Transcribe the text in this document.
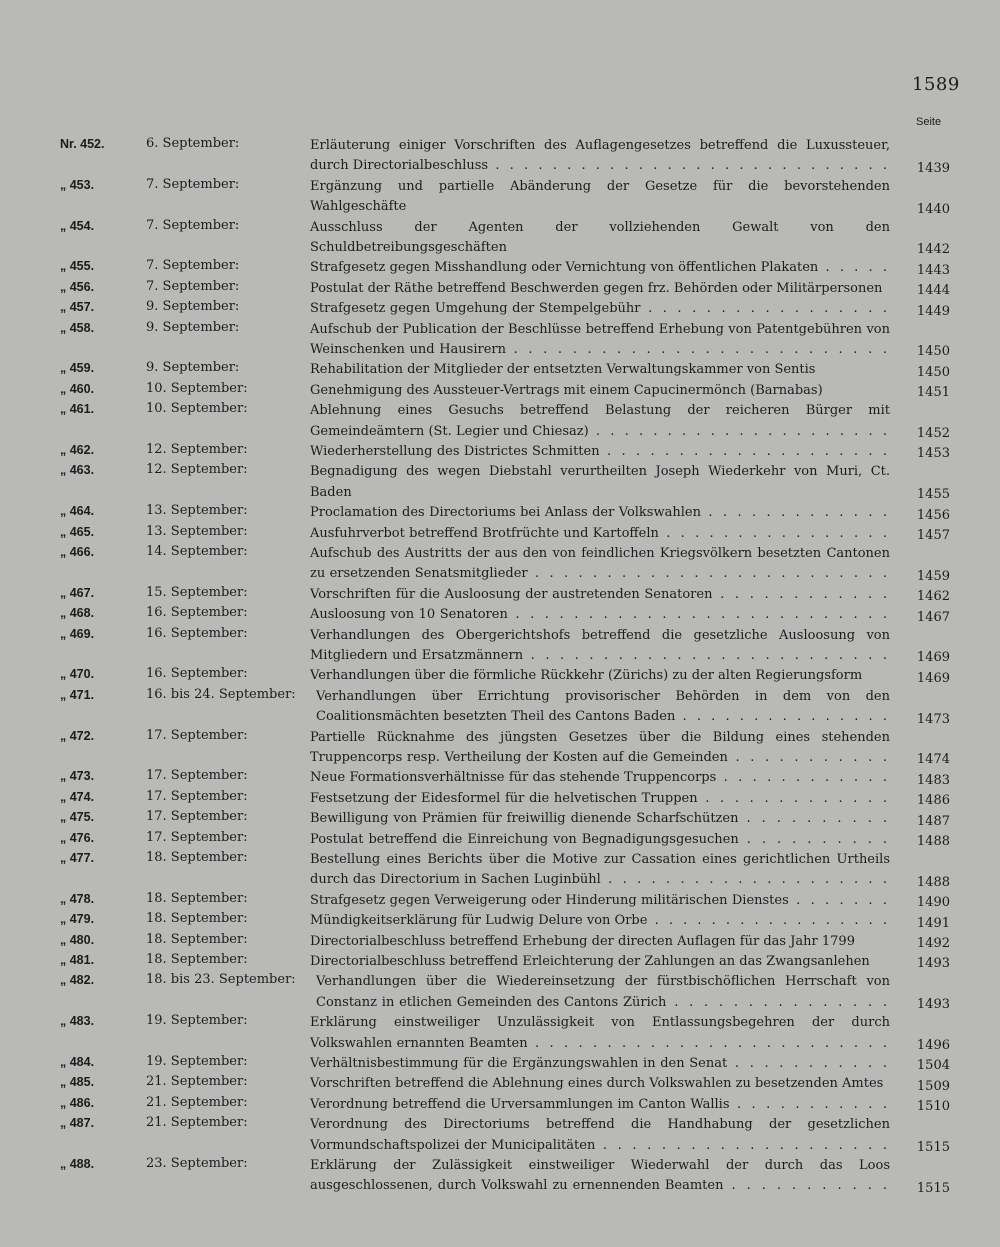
1589
Seite
Nr. 452.	6. September:	Erläuterung einiger Vorschriften des Auflagengesetzes betreffend die Luxussteuer, durch Directorialbeschluss . . .	1439
„ 453.	7. September:	Ergänzung und partielle Abänderung der Gesetze für die bevorstehenden Wahlgeschäfte	1440
„ 454.	7. September:	Ausschluss der Agenten der vollziehenden Gewalt von den Schuldbetreibungsgeschäften	1442
„ 455.	7. September:	Strafgesetz gegen Misshandlung oder Vernichtung von öffentlichen Plakaten . . .	1443
„ 456.	7. September:	Postulat der Räthe betreffend Beschwerden gegen frz. Behörden oder Militärpersonen	1444
„ 457.	9. September:	Strafgesetz gegen Umgehung der Stempelgebühr . . .	1449
„ 458.	9. September:	Aufschub der Publication der Beschlüsse betreffend Erhebung von Patentgebühren von Weinschenken und Hausirern . . .	1450
„ 459.	9. September:	Rehabilitation der Mitglieder der entsetzten Verwaltungskammer von Sentis	1450
„ 460.	10. September:	Genehmigung des Aussteuer-Vertrags mit einem Capucinermönch (Barnabas)	1451
„ 461.	10. September:	Ablehnung eines Gesuchs betreffend Belastung der reicheren Bürger mit Gemeindeämtern (St. Legier und Chiesaz) . . .	1452
„ 462.	12. September:	Wiederherstellung des Districtes Schmitten . . .	1453
„ 463.	12. September:	Begnadigung des wegen Diebstahl verurtheilten Joseph Wiederkehr von Muri, Ct. Baden	1455
„ 464.	13. September:	Proclamation des Directoriums bei Anlass der Volkswahlen . . .	1456
„ 465.	13. September:	Ausfuhrverbot betreffend Brotfrüchte und Kartoffeln . . .	1457
„ 466.	14. September:	Aufschub des Austritts der aus den von feindlichen Kriegsvölkern besetzten Cantonen zu ersetzenden Senatsmitglieder . . .	1459
„ 467.	15. September:	Vorschriften für die Ausloosung der austretenden Senatoren . . .	1462
„ 468.	16. September:	Ausloosung von 10 Senatoren . . .	1467
„ 469.	16. September:	Verhandlungen des Obergerichtshofs betreffend die gesetzliche Ausloosung von Mitgliedern und Ersatzmännern . . .	1469
„ 470.	16. September:	Verhandlungen über die förmliche Rückkehr (Zürichs) zu der alten Regierungsform	1469
„ 471.	16. bis 24. September:	Verhandlungen über Errichtung provisorischer Behörden in dem von den Coalitionsmächten besetzten Theil des Cantons Baden . . .	1473
„ 472.	17. September:	Partielle Rücknahme des jüngsten Gesetzes über die Bildung eines stehenden Truppencorps resp. Vertheilung der Kosten auf die Gemeinden . . .	1474
„ 473.	17. September:	Neue Formationsverhältnisse für das stehende Truppencorps . . .	1483
„ 474.	17. September:	Festsetzung der Eidesformel für die helvetischen Truppen . . .	1486
„ 475.	17. September:	Bewilligung von Prämien für freiwillig dienende Scharfschützen . . .	1487
„ 476.	17. September:	Postulat betreffend die Einreichung von Begnadigungsgesuchen . . .	1488
„ 477.	18. September:	Bestellung eines Berichts über die Motive zur Cassation eines gerichtlichen Urtheils durch das Directorium in Sachen Luginbühl . . .	1488
„ 478.	18. September:	Strafgesetz gegen Verweigerung oder Hinderung militärischen Dienstes . . .	1490
„ 479.	18. September:	Mündigkeitserklärung für Ludwig Delure von Orbe . . .	1491
„ 480.	18. September:	Directorialbeschluss betreffend Erhebung der directen Auflagen für das Jahr 1799	1492
„ 481.	18. September:	Directorialbeschluss betreffend Erleichterung der Zahlungen an das Zwangsanlehen	1493
„ 482.	18. bis 23. September:	Verhandlungen über die Wiedereinsetzung der fürstbischöflichen Herrschaft von Constanz in etlichen Gemeinden des Cantons Zürich . . .	1493
„ 483.	19. September:	Erklärung einstweiliger Unzulässigkeit von Entlassungsbegehren der durch Volkswahlen ernannten Beamten . . .	1496
„ 484.	19. September:	Verhältnisbestimmung für die Ergänzungswahlen in den Senat . . .	1504
„ 485.	21. September:	Vorschriften betreffend die Ablehnung eines durch Volkswahlen zu besetzenden Amtes	1509
„ 486.	21. September:	Verordnung betreffend die Urversammlungen im Canton Wallis . . .	1510
„ 487.	21. September:	Verordnung des Directoriums betreffend die Handhabung der gesetzlichen Vormundschaftspolizei der Municipalitäten . . .	1515
„ 488.	23. September:	Erklärung der Zulässigkeit einstweiliger Wiederwahl der durch das Loos ausgeschlossenen, durch Volkswahl zu ernennenden Beamten . . .	1515
